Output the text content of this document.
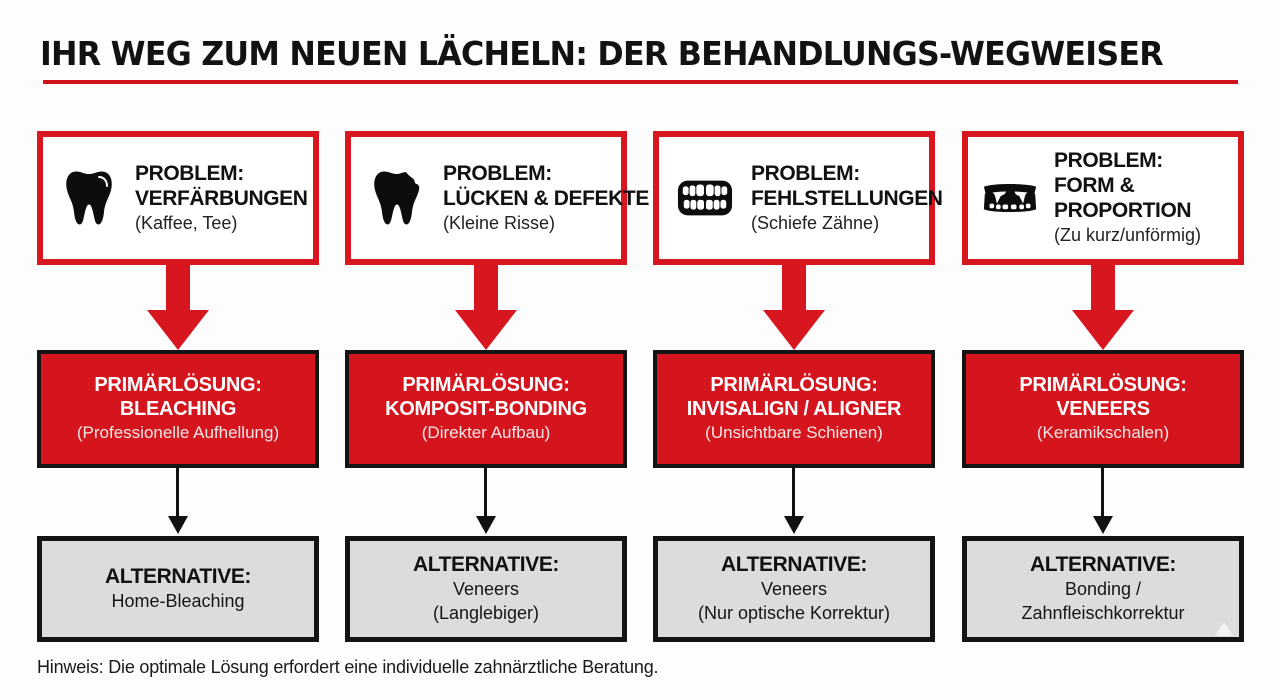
IHR WEG ZUM NEUEN LÄCHELN: DER BEHANDLUNGS-WEGWEISER
PROBLEM:
VERFÄRBUNGEN
(Kaffee, Tee)
PRIMÄRLÖSUNG:
BLEACHING
(Professionelle Aufhellung)
ALTERNATIVE:
Home-Bleaching
PROBLEM:
LÜCKEN & DEFEKTE
(Kleine Risse)
PRIMÄRLÖSUNG:
KOMPOSIT-BONDING
(Direkter Aufbau)
ALTERNATIVE:
Veneers
(Langlebiger)
PROBLEM:
FEHLSTELLUNGEN
(Schiefe Zähne)
PRIMÄRLÖSUNG:
INVISALIGN / ALIGNER
(Unsichtbare Schienen)
ALTERNATIVE:
Veneers
(Nur optische Korrektur)
PROBLEM:
FORM &
PROPORTION
(Zu kurz/unförmig)
PRIMÄRLÖSUNG:
VENEERS
(Keramikschalen)
ALTERNATIVE:
Bonding /
Zahnfleischkorrektur
Hinweis: Die optimale Lösung erfordert eine individuelle zahnärztliche Beratung.
